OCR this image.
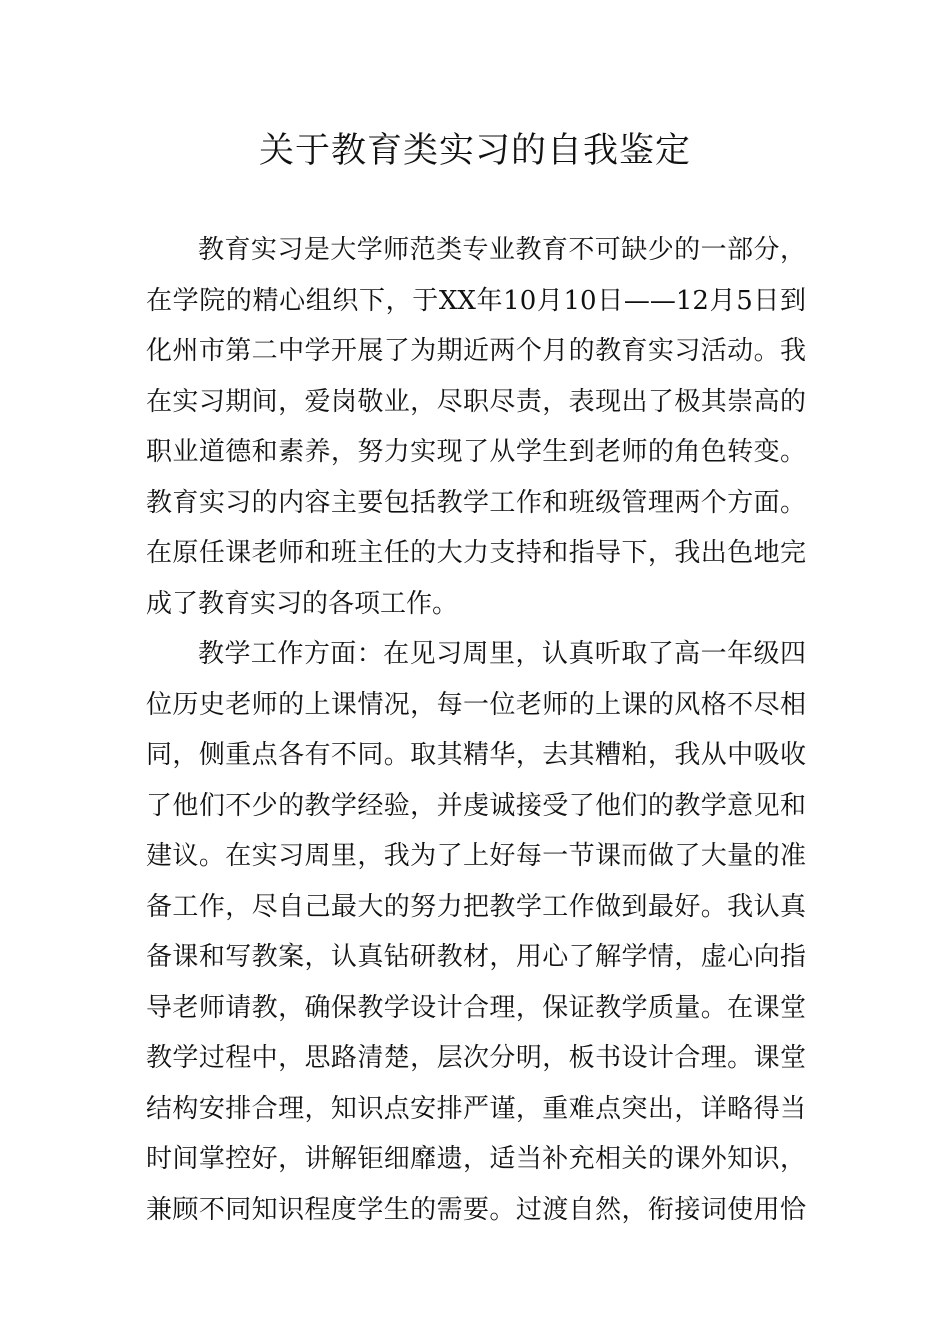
关于教育类实习的自我鉴定
教育实习是大学师范类专业教育不可缺少的一部分，
在学院的精心组织下，于XX年10月10日——12月5日到
化州市第二中学开展了为期近两个月的教育实习活动。我
在实习期间，爱岗敬业，尽职尽责，表现出了极其崇高的
职业道德和素养，努力实现了从学生到老师的角色转变。
教育实习的内容主要包括教学工作和班级管理两个方面。
在原任课老师和班主任的大力支持和指导下，我出色地完
成了教育实习的各项工作。
教学工作方面：在见习周里，认真听取了高一年级四
位历史老师的上课情况，每一位老师的上课的风格不尽相
同，侧重点各有不同。取其精华，去其糟粕，我从中吸收
了他们不少的教学经验，并虔诚接受了他们的教学意见和
建议。在实习周里，我为了上好每一节课而做了大量的准
备工作，尽自己最大的努力把教学工作做到最好。我认真
备课和写教案，认真钻研教材，用心了解学情，虚心向指
导老师请教，确保教学设计合理，保证教学质量。在课堂
教学过程中，思路清楚，层次分明，板书设计合理。课堂
结构安排合理，知识点安排严谨，重难点突出，详略得当
时间掌控好，讲解钜细靡遗，适当补充相关的课外知识，
兼顾不同知识程度学生的需要。过渡自然，衔接词使用恰
